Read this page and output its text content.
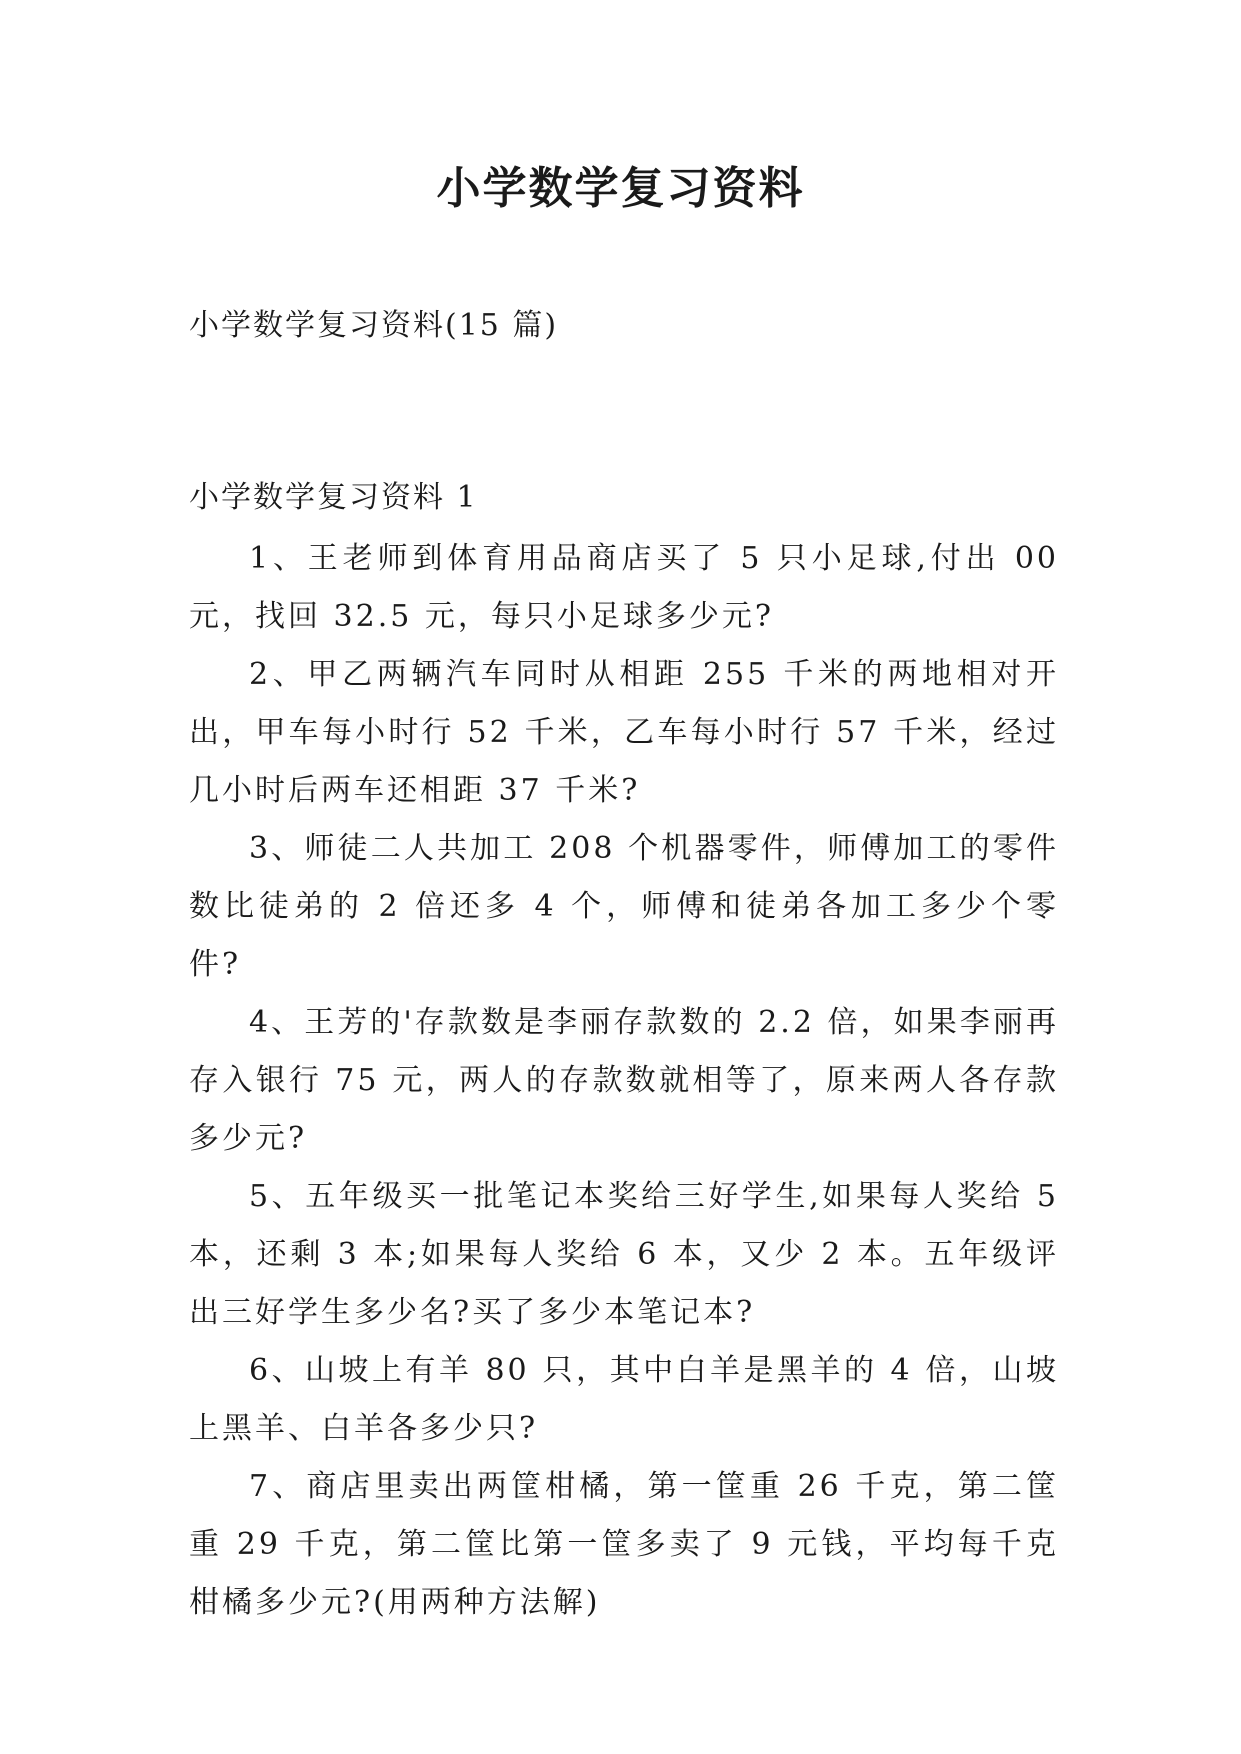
小学数学复习资料
小学数学复习资料(15 篇)
小学数学复习资料 1

1、王老师到体育用品商店买了 5 只小足球,付出 00 元，找回 32.5 元，每只小足球多少元?

2、甲乙两辆汽车同时从相距 255 千米的两地相对开出，甲车每小时行 52 千米，乙车每小时行 57 千米，经过几小时后两车还相距 37 千米?

3、师徒二人共加工 208 个机器零件，师傅加工的零件数比徒弟的 2 倍还多 4 个，师傅和徒弟各加工多少个零件?

4、王芳的'存款数是李丽存款数的 2.2 倍，如果李丽再存入银行 75 元，两人的存款数就相等了，原来两人各存款多少元?

5、五年级买一批笔记本奖给三好学生,如果每人奖给 5 本，还剩 3 本;如果每人奖给 6 本，又少 2 本。五年级评出三好学生多少名?买了多少本笔记本?

6、山坡上有羊 80 只，其中白羊是黑羊的 4 倍，山坡上黑羊、白羊各多少只?

7、商店里卖出两筐柑橘，第一筐重 26 千克，第二筐重 29 千克，第二筐比第一筐多卖了 9 元钱，平均每千克柑橘多少元?(用两种方法解)
